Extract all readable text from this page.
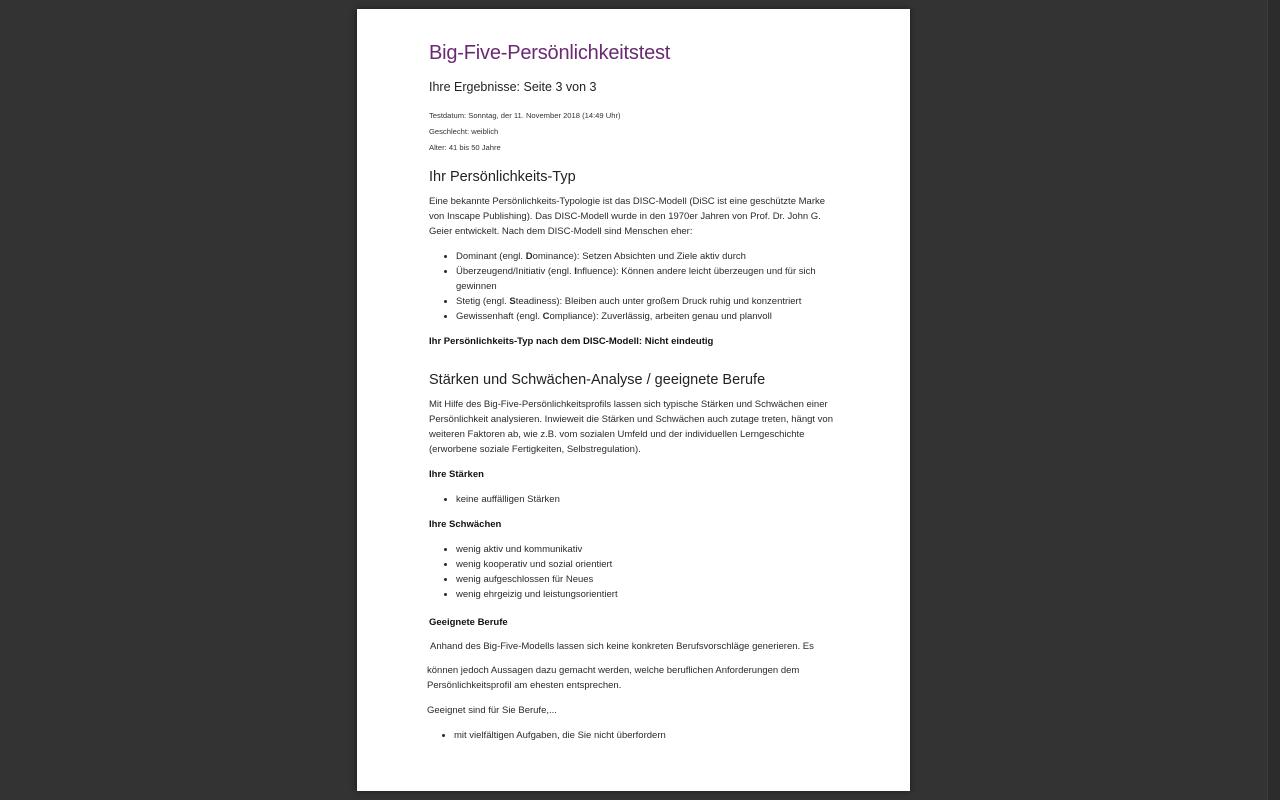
Big-Five-Persönlichkeitstest
Ihre Ergebnisse: Seite 3 von 3
Testdatum: Sonntag, der 11. November 2018 (14:49 Uhr)
Geschlecht: weiblich
Alter: 41 bis 50 Jahre
Ihr Persönlichkeits-Typ

Eine bekannte Persönlichkeits-Typologie ist das DISC-Modell (DiSC ist eine geschützte Marke von Inscape Publishing). Das DISC-Modell wurde in den 1970er Jahren von Prof. Dr. John G. Geier entwickelt. Nach dem DISC-Modell sind Menschen eher:

• Dominant (engl. Dominance): Setzen Absichten und Ziele aktiv durch
• Überzeugend/Initiativ (engl. Influence): Können andere leicht überzeugen und für sich gewinnen
• Stetig (engl. Steadiness): Bleiben auch unter großem Druck ruhig und konzentriert
• Gewissenhaft (engl. Compliance): Zuverlässig, arbeiten genau und planvoll
Ihr Persönlichkeits-Typ nach dem DISC-Modell: Nicht eindeutig
Stärken und Schwächen-Analyse / geeignete Berufe

Mit Hilfe des Big-Five-Persönlichkeitsprofils lassen sich typische Stärken und Schwächen einer Persönlichkeit analysieren. Inwieweit die Stärken und Schwächen auch zutage treten, hängt von weiteren Faktoren ab, wie z.B. vom sozialen Umfeld und der individuellen Lerngeschichte (erworbene soziale Fertigkeiten, Selbstregulation).

Ihre Stärken
• keine auffälligen Stärken
Ihre Schwächen
• wenig aktiv und kommunikativ
• wenig kooperativ und sozial orientiert
• wenig aufgeschlossen für Neues
• wenig ehrgeizig und leistungsorientiert
Geeignete Berufe

Anhand des Big-Five-Modells lassen sich keine konkreten Berufsvorschläge generieren. Es

können jedoch Aussagen dazu gemacht werden, welche beruflichen Anforderungen dem Persönlichkeitsprofil am ehesten entsprechen.

Geeignet sind für Sie Berufe,...

• mit vielfältigen Aufgaben, die Sie nicht überfordern
